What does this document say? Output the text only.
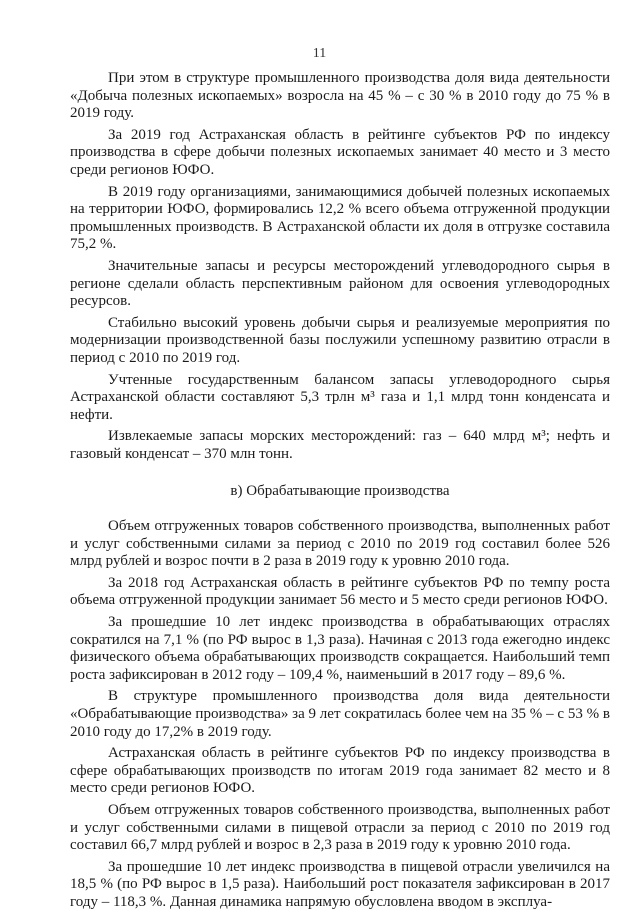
11

При этом в структуре промышленного производства доля вида деятельности «Добыча полезных ископаемых» возросла на 45 % – с 30 % в 2010 году до 75 % в 2019 году.

За 2019 год Астраханская область в рейтинге субъектов РФ по индексу производства в сфере добычи полезных ископаемых занимает 40 место и 3 место среди регионов ЮФО.

В 2019 году организациями, занимающимися добычей полезных ископаемых на территории ЮФО, формировались 12,2 % всего объема отгруженной продукции промышленных производств. В Астраханской области их доля в отгрузке составила 75,2 %.

Значительные запасы и ресурсы месторождений углеводородного сырья в регионе сделали область перспективным районом для освоения углеводородных ресурсов.

Стабильно высокий уровень добычи сырья и реализуемые мероприятия по модернизации производственной базы послужили успешному развитию отрасли в период с 2010 по 2019 год.

Учтенные государственным балансом запасы углеводородного сырья Астраханской области составляют 5,3 трлн м³ газа и 1,1 млрд тонн конденсата и нефти.

Извлекаемые запасы морских месторождений: газ – 640 млрд м³; нефть и газовый конденсат – 370 млн тонн.

в) Обрабатывающие производства

Объем отгруженных товаров собственного производства, выполненных работ и услуг собственными силами за период с 2010 по 2019 год составил более 526 млрд рублей и возрос почти в 2 раза в 2019 году к уровню 2010 года.

За 2018 год Астраханская область в рейтинге субъектов РФ по темпу роста объема отгруженной продукции занимает 56 место и 5 место среди регионов ЮФО.

За прошедшие 10 лет индекс производства в обрабатывающих отраслях сократился на 7,1 % (по РФ вырос в 1,3 раза). Начиная с 2013 года ежегодно индекс физического объема обрабатывающих производств сокращается. Наибольший темп роста зафиксирован в 2012 году – 109,4 %, наименьший в 2017 году – 89,6 %.

В структуре промышленного производства доля вида деятельности «Обрабатывающие производства» за 9 лет сократилась более чем на 35 % – с 53 % в 2010 году до 17,2% в 2019 году.

Астраханская область в рейтинге субъектов РФ по индексу производства в сфере обрабатывающих производств по итогам 2019 года занимает 82 место и 8 место среди регионов ЮФО.

Объем отгруженных товаров собственного производства, выполненных работ и услуг собственными силами в пищевой отрасли за период с 2010 по 2019 год составил 66,7 млрд рублей и возрос в 2,3 раза в 2019 году к уровню 2010 года.

За прошедшие 10 лет индекс производства в пищевой отрасли увеличился на 18,5 % (по РФ вырос в 1,5 раза). Наибольший рост показателя зафиксирован в 2017 году – 118,3 %. Данная динамика напрямую обусловлена вводом в эксплуа-
